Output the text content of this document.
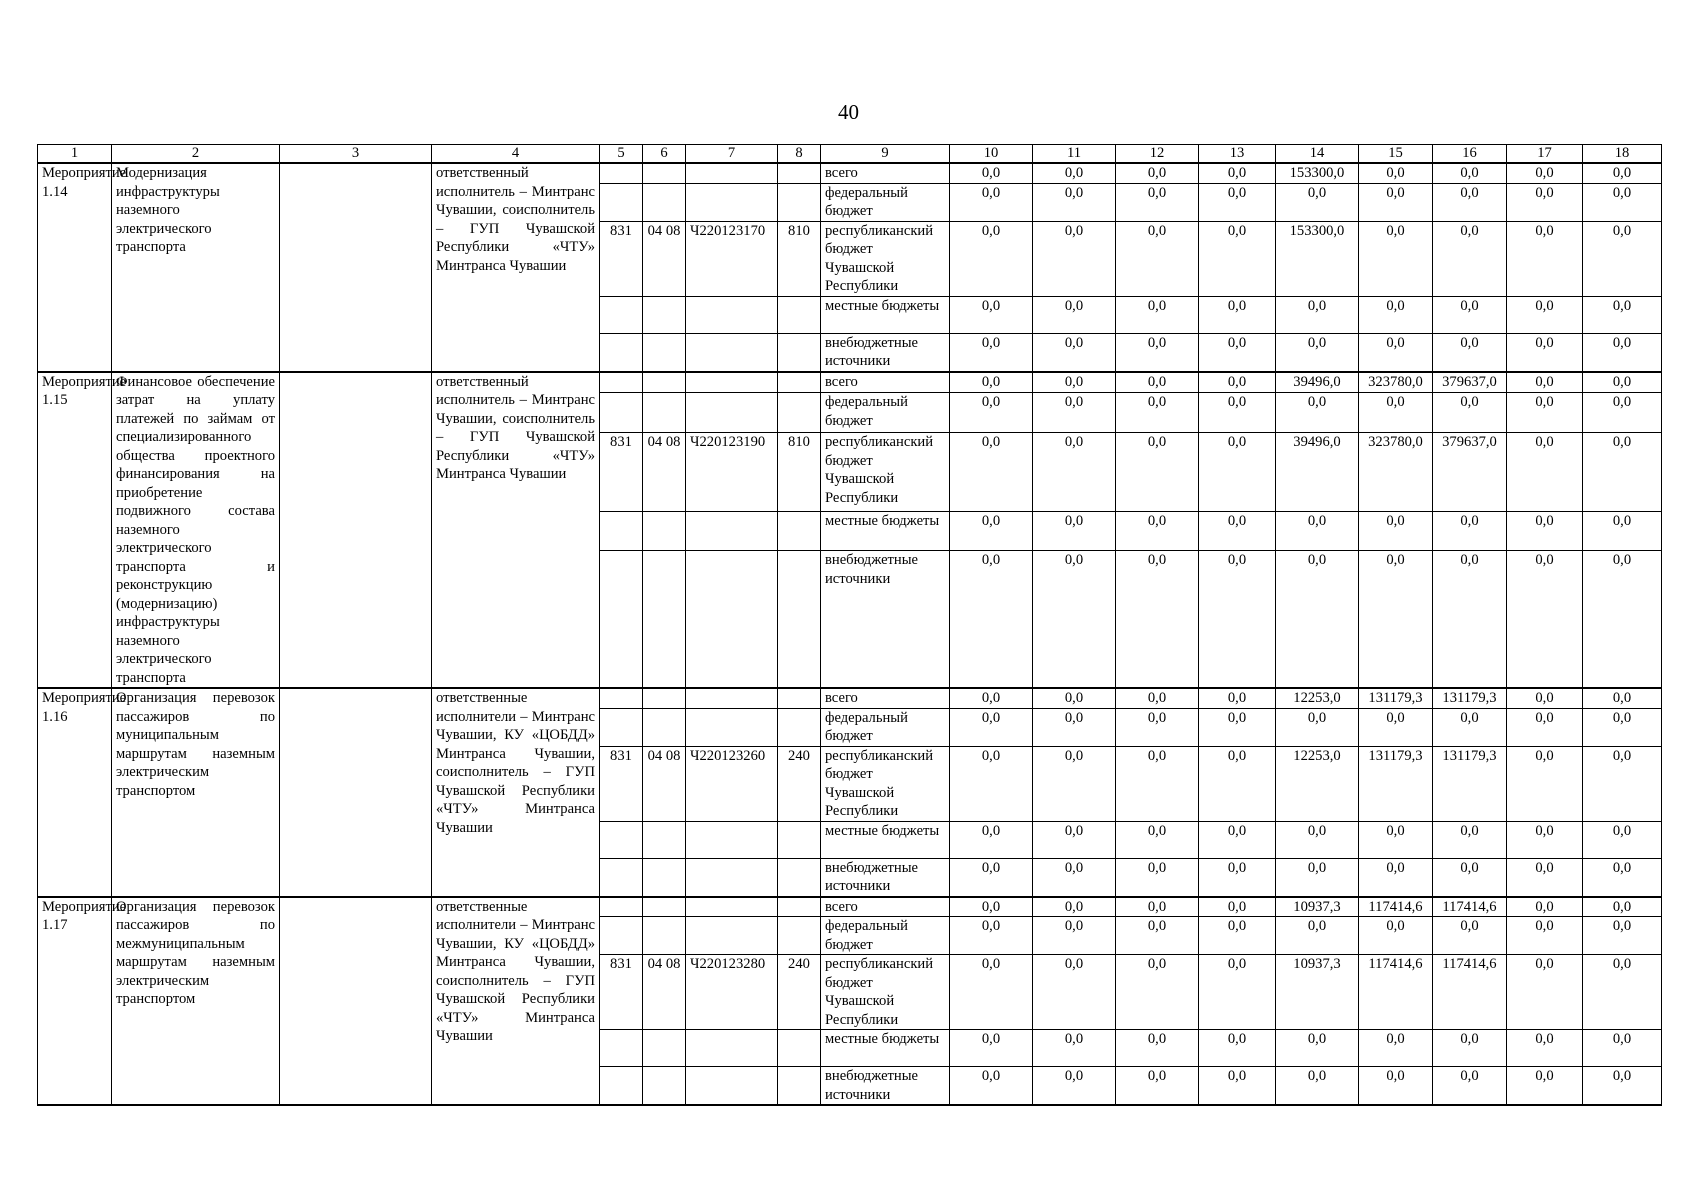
40
1	2	3	4	5	6	7	8	9	10	11	12	13	14	15	16	17	18
Мероприятие 1.14	Модернизация инфраструктуры наземного электрического транспорта		ответственный исполнитель – Минтранс Чувашии, соисполнитель – ГУП Чувашской Республики «ЧТУ» Минтранса Чувашии					всего	0,0	0,0	0,0	0,0	153300,0	0,0	0,0	0,0	0,0
								федеральный бюджет	0,0	0,0	0,0	0,0	0,0	0,0	0,0	0,0	0,0
				831	04 08	Ч220123170	810	республиканский бюджет Чувашской Республики	0,0	0,0	0,0	0,0	153300,0	0,0	0,0	0,0	0,0
								местные бюджеты	0,0	0,0	0,0	0,0	0,0	0,0	0,0	0,0	0,0
								внебюджетные источники	0,0	0,0	0,0	0,0	0,0	0,0	0,0	0,0	0,0
Мероприятие 1.15	Финансовое обеспечение затрат на уплату платежей по займам от специализированного общества проектного финансирования на приобретение подвижного состава наземного электрического транспорта и реконструкцию (модернизацию) инфраструктуры наземного электрического транспорта		ответственный исполнитель – Минтранс Чувашии, соисполнитель – ГУП Чувашской Республики «ЧТУ» Минтранса Чувашии					всего	0,0	0,0	0,0	0,0	39496,0	323780,0	379637,0	0,0	0,0
								федеральный бюджет	0,0	0,0	0,0	0,0	0,0	0,0	0,0	0,0	0,0
				831	04 08	Ч220123190	810	республиканский бюджет Чувашской Республики	0,0	0,0	0,0	0,0	39496,0	323780,0	379637,0	0,0	0,0
								местные бюджеты	0,0	0,0	0,0	0,0	0,0	0,0	0,0	0,0	0,0
								внебюджетные источники	0,0	0,0	0,0	0,0	0,0	0,0	0,0	0,0	0,0
Мероприятие 1.16	Организация перевозок пассажиров по муниципальным маршрутам наземным электрическим транспортом		ответственные исполнители – Минтранс Чувашии, КУ «ЦОБДД» Минтранса Чувашии, соисполнитель – ГУП Чувашской Республики «ЧТУ» Минтранса Чувашии					всего	0,0	0,0	0,0	0,0	12253,0	131179,3	131179,3	0,0	0,0
								федеральный бюджет	0,0	0,0	0,0	0,0	0,0	0,0	0,0	0,0	0,0
				831	04 08	Ч220123260	240	республиканский бюджет Чувашской Республики	0,0	0,0	0,0	0,0	12253,0	131179,3	131179,3	0,0	0,0
								местные бюджеты	0,0	0,0	0,0	0,0	0,0	0,0	0,0	0,0	0,0
								внебюджетные источники	0,0	0,0	0,0	0,0	0,0	0,0	0,0	0,0	0,0
Мероприятие 1.17	Организация перевозок пассажиров по межмуниципальным маршрутам наземным электрическим транспортом		ответственные исполнители – Минтранс Чувашии, КУ «ЦОБДД» Минтранса Чувашии, соисполнитель – ГУП Чувашской Республики «ЧТУ» Минтранса Чувашии					всего	0,0	0,0	0,0	0,0	10937,3	117414,6	117414,6	0,0	0,0
								федеральный бюджет	0,0	0,0	0,0	0,0	0,0	0,0	0,0	0,0	0,0
				831	04 08	Ч220123280	240	республиканский бюджет Чувашской Республики	0,0	0,0	0,0	0,0	10937,3	117414,6	117414,6	0,0	0,0
								местные бюджеты	0,0	0,0	0,0	0,0	0,0	0,0	0,0	0,0	0,0
								внебюджетные источники	0,0	0,0	0,0	0,0	0,0	0,0	0,0	0,0	0,0
